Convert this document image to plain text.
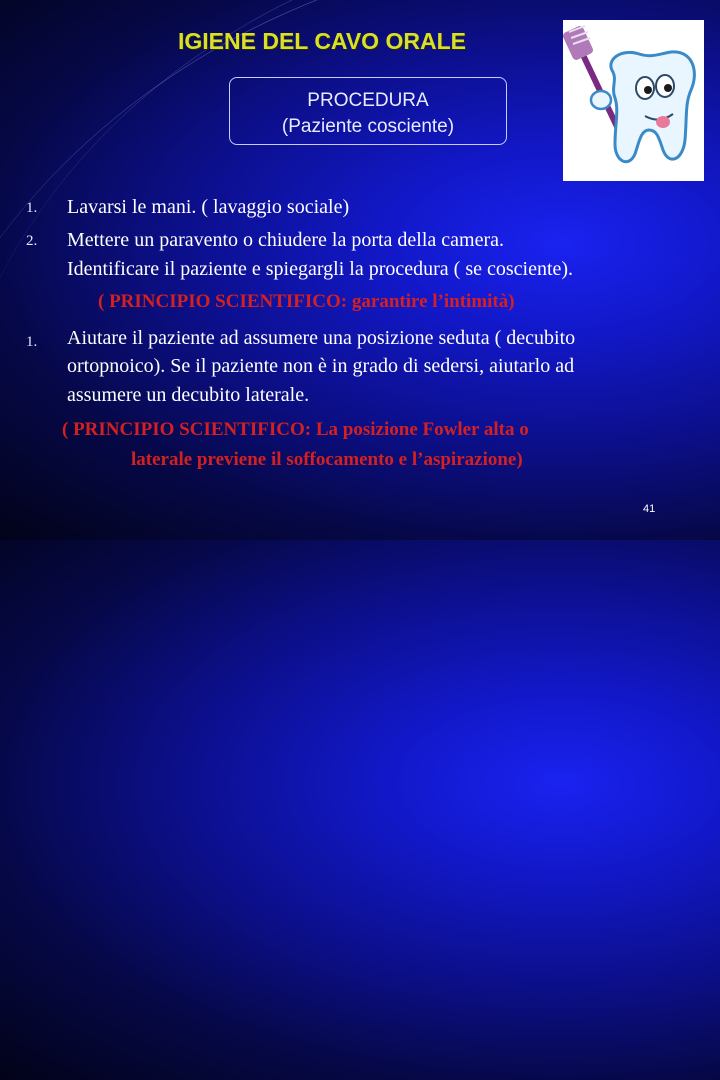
IGIENE DEL CAVO ORALE
PROCEDURA
(Paziente cosciente)
1.	Lavarsi le mani. ( lavaggio sociale)
2.	Mettere un paravento o chiudere la porta della camera.
Identificare il paziente e spiegargli la procedura ( se cosciente).
( PRINCIPIO SCIENTIFICO: garantire l’intimità)
1.	Aiutare il paziente ad assumere una posizione seduta ( decubito
ortopnoico). Se il paziente non è in grado di sedersi, aiutarlo ad
assumere un decubito laterale.
( PRINCIPIO SCIENTIFICO: La posizione Fowler alta o
laterale previene il soffocamento e l’aspirazione)
41
